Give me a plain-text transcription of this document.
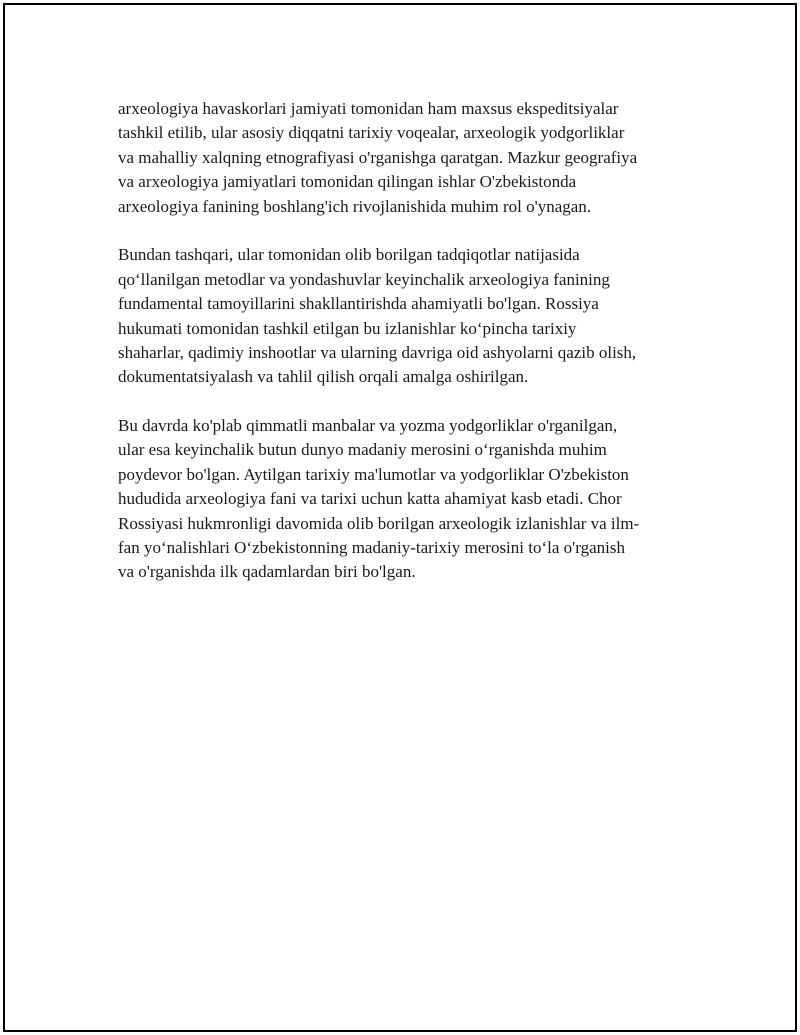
arxeologiya havaskorlari jamiyati tomonidan ham maxsus ekspeditsiyalar
tashkil etilib, ular asosiy diqqatni tarixiy voqealar, arxeologik yodgorliklar
va mahalliy xalqning etnografiyasi o'rganishga qaratgan. Mazkur geografiya
va arxeologiya jamiyatlari tomonidan qilingan ishlar O'zbekistonda
arxeologiya fanining boshlang'ich rivojlanishida muhim rol o'ynagan.

Bundan tashqari, ular tomonidan olib borilgan tadqiqotlar natijasida
qo‘llanilgan metodlar va yondashuvlar keyinchalik arxeologiya fanining
fundamental tamoyillarini shakllantirishda ahamiyatli bo'lgan. Rossiya
hukumati tomonidan tashkil etilgan bu izlanishlar ko‘pincha tarixiy
shaharlar, qadimiy inshootlar va ularning davriga oid ashyolarni qazib olish,
dokumentatsiyalash va tahlil qilish orqali amalga oshirilgan.

Bu davrda ko'plab qimmatli manbalar va yozma yodgorliklar o'rganilgan,
ular esa keyinchalik butun dunyo madaniy merosini o‘rganishda muhim
poydevor bo'lgan. Aytilgan tarixiy ma'lumotlar va yodgorliklar O'zbekiston
hududida arxeologiya fani va tarixi uchun katta ahamiyat kasb etadi. Chor
Rossiyasi hukmronligi davomida olib borilgan arxeologik izlanishlar va ilm-
fan yo‘nalishlari O‘zbekistonning madaniy-tarixiy merosini to‘la o'rganish
va o'rganishda ilk qadamlardan biri bo'lgan.
